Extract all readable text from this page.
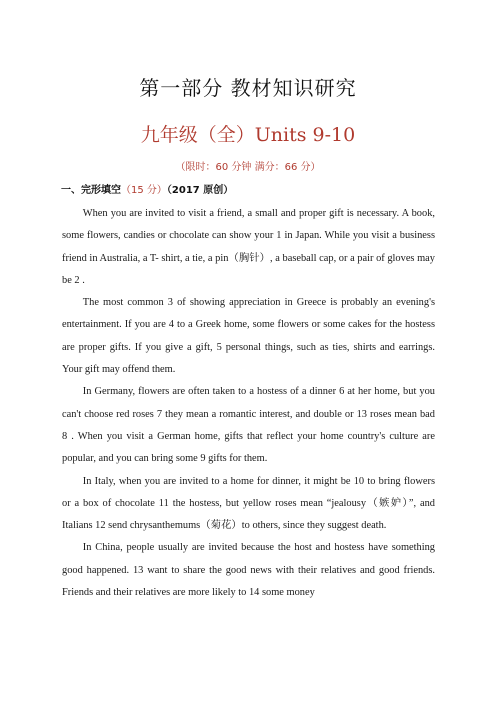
第一部分 教材知识研究
九年级（全）Units 9-10
（限时：60 分钟 满分：66 分）
一、完形填空（15 分）（2017 原创）

When you are invited to visit a friend, a small and proper gift is necessary. A book, some flowers, candies or chocolate can show your 1 in Japan. While you visit a business friend in Australia, a T- shirt, a tie, a pin（胸针）, a baseball cap, or a pair of gloves may be 2 .

The most common 3 of showing appreciation in Greece is probably an evening's entertainment. If you are 4 to a Greek home, some flowers or some cakes for the hostess are proper gifts. If you give a gift, 5 personal things, such as ties, shirts and earrings. Your gift may offend them.

In Germany, flowers are often taken to a hostess of a dinner 6 at her home, but you can't choose red roses 7 they mean a romantic interest, and double or 13 roses mean bad 8 . When you visit a German home, gifts that reflect your home country's culture are popular, and you can bring some 9 gifts for them.

In Italy, when you are invited to a home for dinner, it might be 10 to bring flowers or a box of chocolate 11 the hostess, but yellow roses mean “jealousy（嫉妒）”, and Italians 12 send chrysanthemums（菊花）to others, since they suggest death.

In China, people usually are invited because the host and hostess have something good happened. 13 want to share the good news with their relatives and good friends. Friends and their relatives are more likely to 14 some money
